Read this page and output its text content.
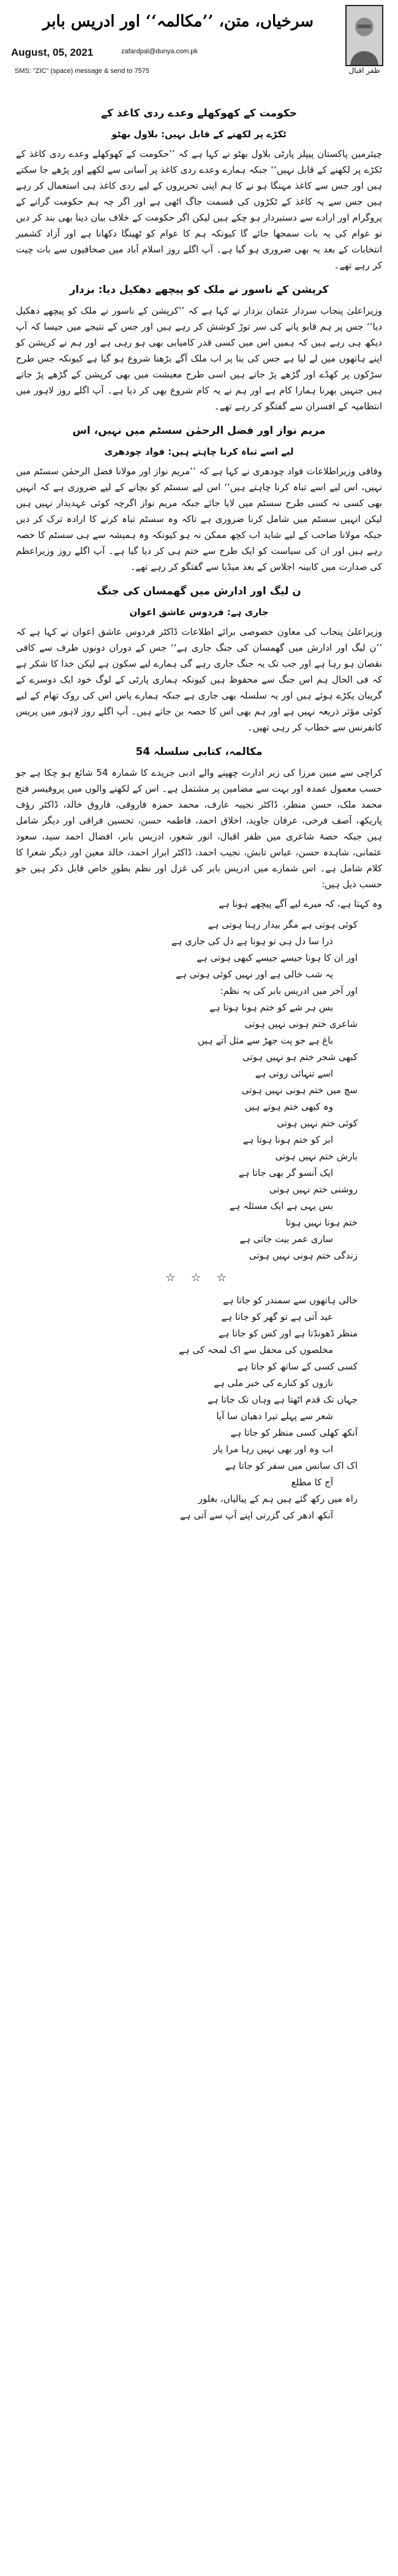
سرخیاں، متن، ’’مکالمہ‘‘ اور ادریس بابر
ظفر اقبال
August, 05, 2021	zafardpal@dunya.com.pk
SMS: "ZIC" (space) message & send to 7575
حکومت کے کھوکھلے وعدے ردی کاغذ کے
ٹکڑے پر لکھنے کے قابل نہیں: بلاول بھٹو

چیئرمین پاکستان پیپلز پارٹی بلاول بھٹو نے کہا ہے کہ ’’حکومت کے کھوکھلے وعدے ردی کاغذ کے ٹکڑے پر لکھنے کے قابل نہیں‘‘ جبکہ ہمارے وعدے ردی کاغذ پر آسانی سے لکھے اور پڑھے جا سکتے ہیں اور جس سے کاغذ مہنگا ہو نے کا ہم اپنی تحریروں کے لیے ردی کاغذ ہی استعمال کر رہے ہیں جس سے یہ کاغذ کے ٹکڑوں کی قسمت جاگ اٹھی ہے اور اگر چہ ہم حکومت گرانے کے پروگرام اور ارادے سے دستبردار ہو چکے ہیں لیکن اگر حکومت کے خلاف بیان دینا بھی بند کر دیں تو عوام کی یہ بات سمجھا جائے گا کیونکہ ہم کا عوام کو ٹھینگا دکھانا ہے اور آزاد کشمیر انتخابات کے بعد یہ بھی ضروری ہو گیا ہے۔ آپ اگلے روز اسلام آباد میں صحافیوں سے بات چیت کر رہے تھے۔

کرپشن کے ناسور نے ملک کو پیچھے دھکیل دیا: بزدار

وزیراعلیٰ پنجاب سردار عثمان بزدار نے کہا ہے کہ ’’کرپشن کے ناسور نے ملک کو پیچھے دھکیل دیا‘‘ جس پر ہم قابو پانے کی سر توڑ کوشش کر رہے ہیں اور جس کے نتیجے میں جیسا کہ آپ دیکھ ہی رہے ہیں کہ ہمیں اس میں کسی قدر کامیابی بھی ہو رہی ہے اور ہم نے کرپشن کو اپنے ہاتھوں میں لے لیا ہے جس کی بنا پر اب ملک آگے بڑھنا شروع ہو گیا ہے کیونکہ جس طرح سڑکوں پر کھڈے اور گڑھے پڑ جاتے ہیں اسی طرح معیشت میں بھی کرپشن کے گڑھے پڑ جاتے ہیں جنہیں بھرنا ہمارا کام ہے اور ہم نے یہ کام شروع بھی کر دیا ہے۔ آپ اگلے روز لاہور میں انتظامیہ کے افسران سے گفتگو کر رہے تھے۔

مریم نواز اور فضل الرحمٰن سسٹم میں نہیں، اس
لیے اسے تباہ کرنا چاہتے ہیں: فواد چودھری

وفاقی وزیراطلاعات فواد چودھری نے کہا ہے کہ ’’مریم نواز اور مولانا فضل الرحمٰن سسٹم میں نہیں، اس لیے اسے تباہ کرنا چاہتے ہیں‘‘ اس لیے سسٹم کو بچانے کے لیے ضروری ہے کہ انہیں بھی کسی نہ کسی طرح سسٹم میں لایا جائے جبکہ مریم نواز اگرچہ کوئی عہدیدار نہیں ہیں لیکن انہیں سسٹم میں شامل کرنا ضروری ہے تاکہ وہ سسٹم تباہ کرنے کا ارادہ ترک کر دیں جبکہ مولانا صاحب کے لیے شاید اب کچھ ممکن نہ ہو کیونکہ وہ ہمیشہ سے ہی سسٹم کا حصہ رہے ہیں اور ان کی سیاست کو ایک طرح سے ختم ہی کر دیا گیا ہے۔ آپ اگلے روز وزیراعظم کی صدارت میں کابینہ اجلاس کے بعد میڈیا سے گفتگو کر رہے تھے۔

ن لیگ اور ادارش میں گھمسان کی جنگ
جاری ہے: فردوس عاشق اعوان

وزیراعلیٰ پنجاب کی معاون خصوصی برائے اطلاعات ڈاکٹر فردوس عاشق اعوان نے کہا ہے کہ ’’ن لیگ اور ادارش میں گھمسان کی جنگ جاری ہے‘‘ جس کے دوران دونوں طرف سے کافی نقصان ہو رہا ہے اور جب تک یہ جنگ جاری رہے گی ہمارے لیے سکون ہے لیکن خدا کا شکر ہے کہ فی الحال ہم اس جنگ سے محفوظ ہیں کیونکہ ہماری پارٹی کے لوگ خود ایک دوسرے کے گریبان پکڑے ہوئے ہیں اور یہ سلسلہ بھی جاری ہے جبکہ ہمارے پاس اس کی روک تھام کے لیے کوئی مؤثر ذریعہ نہیں ہے اور ہم بھی اس کا حصہ بن جاتے ہیں۔ آپ اگلے روز لاہور میں پریس کانفرنس سے خطاب کر رہی تھیں۔

مکالمہ، کتابی سلسلہ 54

کراچی سے مبین مرزا کی زیر ادارت چھپنے والے ادبی جریدے کا شمارہ 54 شائع ہو چکا ہے جو حسب معمول عمدہ اور بہت سے مضامین پر مشتمل ہے۔ اس کے لکھنے والوں میں پروفیسر فتح محمد ملک، حسن منظر، ڈاکٹر نجیبہ عارف، محمد حمزہ فاروقی، فاروق خالد، ڈاکٹر رؤف پاریکھ، آصف فرخی، عرفان جاوید، اخلاق احمد، فاطمہ حسن، تحسین فراقی اور دیگر شامل ہیں جبکہ حصۂ شاعری میں ظفر اقبال، انور شعور، ادریس بابر، افضال احمد سید، سعود عثمانی، شاہدہ حسن، عباس تابش، نجیب احمد، ڈاکٹر ابرار احمد، خالد معین اور دیگر شعرا کا کلام شامل ہے۔ اس شمارے میں ادریس بابر کی غزل اور نظم بطورِ خاص قابل ذکر ہیں جو حسب ذیل ہیں:

وہ کہتا ہے، کہ میرے لیے آگے پیچھے ہونا ہے

کوئی ہوتی ہے مگر بیدار رہنا ہوتی ہے
ذرا سا دل ہی تو ہونا ہے دل کی جاری ہے
اور ان کا ہونا جیسے جیسے کبھی ہوتی ہے
یہ شب خالی ہے اور نہیں کوئی ہوتی ہے
اور آخر میں ادریس بابر کی یہ نظم:
بس ہر شے کو ختم ہونا ہوتا ہے
شاعری ختم ہونی نہیں ہوتی
باغ ہے جو پت جھڑ سے مثل آتے ہیں
کبھی شجر ختم ہو نہیں ہوتی
اسے تنہائی روتی ہے
سچ میں ختم ہونی نہیں ہوتی
وہ کبھی ختم ہوتے ہیں
کوئی ختم نہیں ہوتی
ابر کو ختم ہونا ہوتا ہے
بارش ختم نہیں ہوتی
ایک آنسو گر بھی جاتا ہے
روشنی ختم نہیں ہوتی
بس یہی ہے ایک مسئلہ ہے
ختم ہونا نہیں ہوتا
ساری عمر بیت جاتی ہے
زندگی ختم ہونی نہیں ہوتی
☆ ☆ ☆
خالی ہاتھوں سے سمندر کو جاتا ہے
عید آتی ہے تو گھر کو جاتا ہے
منظر ڈھونڈتا ہے اور کس کو جاتا ہے
مخلصوں کی محفل سے اک لمحہ کی ہے
کسی کسی کے ساتھ کو جاتا ہے
نازوں کو کنارے کی خبر ملی ہے
جہاں تک قدم اٹھتا ہے وہاں تک جاتا ہے
شعر سے پہلے تیرا دھیان سا آیا
آنکھ کھلی کسی منظر کو جاتا ہے
اب وہ اور بھی نہیں رہا مرا یار
اک اک سانس میں سفر کو جاتا ہے
آج کا مطلع
راہ میں رکھ گئے ہیں ہم کے پیالیاں، بغلور
آنکھ ادھر کی گزرتی اپنے آپ سے آتی ہے
